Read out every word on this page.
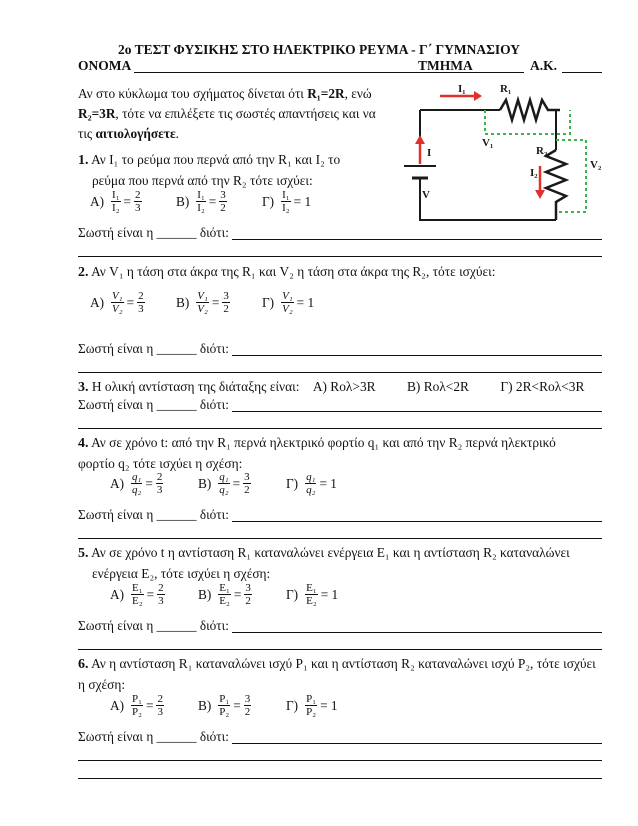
2ο ΤΕΣΤ ΦΥΣΙΚΗΣ ΣΤΟ ΗΛΕΚΤΡΙΚΟ ΡΕΥΜΑ - Γ΄ ΓΥΜΝΑΣΙΟΥ
ΟΝΟΜΑ	ΤΜΗΜΑ	Α.Κ.
Αν στο κύκλωμα του σχήματος δίνεται ότι R₁=2R, ενώ
R₂=3R, τότε να επιλέξετε τις σωστές απαντήσεις και να
τις αιτιολογήσετε.
I₁	R₁
V₁
R₂
V₂
I₂
I
V
1. Αν I₁ το ρεύμα που περνά από την R₁ και I₂ το
ρεύμα που περνά από την R₂ τότε ισχύει:
$A) \frac{\text{I₁}}{\text{I₂}} = \frac{2}{3}$	$B) \frac{\text{I₁}}{\text{I₂}} = \frac{3}{2}$	$\Gamma) \frac{\text{I₁}}{\text{I₂}} = 1$
Σωστή είναι η ______ διότι:
2. Αν V₁ η τάση στα άκρα της R₁ και V₂ η τάση στα άκρα της R₂, τότε ισχύει:
$A) \frac{\text{V₁}}{\text{V₂}} = \frac{2}{3} B) \frac{\text{V₁}}{\text{V₂}} = \frac{3}{2} \Gamma) \frac{\text{V₁}}{\text{V₂}} = 1$
Σωστή είναι η ______ διότι:
3. Η ολική αντίσταση της διάταξης είναι: Α) Rολ>3R Β) Rολ<2R Γ) 2R<Rολ<3R
Σωστή είναι η ______ διότι:
4. Αν σε χρόνο t: από την R₁ περνά ηλεκτρικό φορτίο q₁ και από την R₂ περνά ηλεκτρικό
φορτίο q₂ τότε ισχύει η σχέση:
$A) \frac{\text{q₁}}{\text{q₂}} = \frac{2}{3}$	$B) \frac{\text{q₁}}{\text{q₂}} = \frac{3}{2}$	$\Gamma) \frac{\text{q₁}}{\text{q₂}} = 1$
Σωστή είναι η ______ διότι:
5. Αν σε χρόνο t η αντίσταση R₁ καταναλώνει ενέργεια E₁ και η αντίσταση R₂ καταναλώνει
ενέργεια E₂, τότε ισχύει η σχέση:
$A) \frac{\text{E₁}}{\text{E₂}} = \frac{2}{3}$	$B) \frac{\text{E₁}}{\text{E₂}} = \frac{3}{2}$	$\Gamma) \frac{\text{E₁}}{\text{E₂}} = 1$
Σωστή είναι η ______ διότι:
6. Αν η αντίσταση R₁ καταναλώνει ισχύ P₁ και η αντίσταση R₂ καταναλώνει ισχύ P₂, τότε ισχύει
η σχέση:
$A) \frac{\text{P₁}}{\text{P₂}} = \frac{2}{3}$	$B) \frac{\text{P₁}}{\text{P₂}} = \frac{3}{2}$	$\Gamma) \frac{\text{P₁}}{\text{P₂}} = 1$
Σωστή είναι η ______ διότι:
